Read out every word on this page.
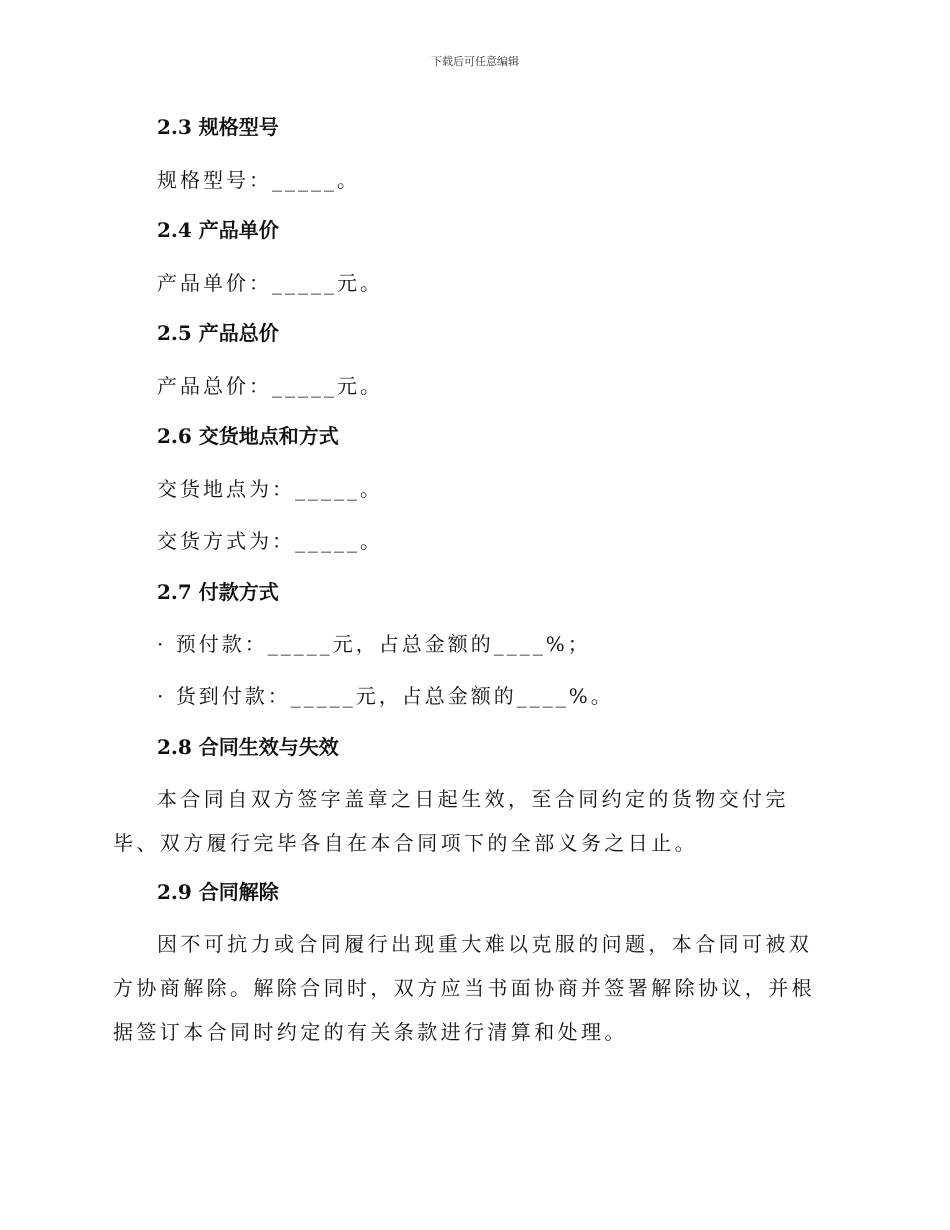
下载后可任意编辑
2.3 规格型号
规格型号：_____。
2.4 产品单价
产品单价：_____元。
2.5 产品总价
产品总价：_____元。
2.6 交货地点和方式
交货地点为：_____。
交货方式为：_____。
2.7 付款方式
· 预付款：_____元，占总金额的____%；
· 货到付款：_____元，占总金额的____%。
2.8 合同生效与失效
本合同自双方签字盖章之日起生效，至合同约定的货物交付完毕、双方履行完毕各自在本合同项下的全部义务之日止。
2.9 合同解除
因不可抗力或合同履行出现重大难以克服的问题，本合同可被双方协商解除。解除合同时，双方应当书面协商并签署解除协议，并根据签订本合同时约定的有关条款进行清算和处理。
